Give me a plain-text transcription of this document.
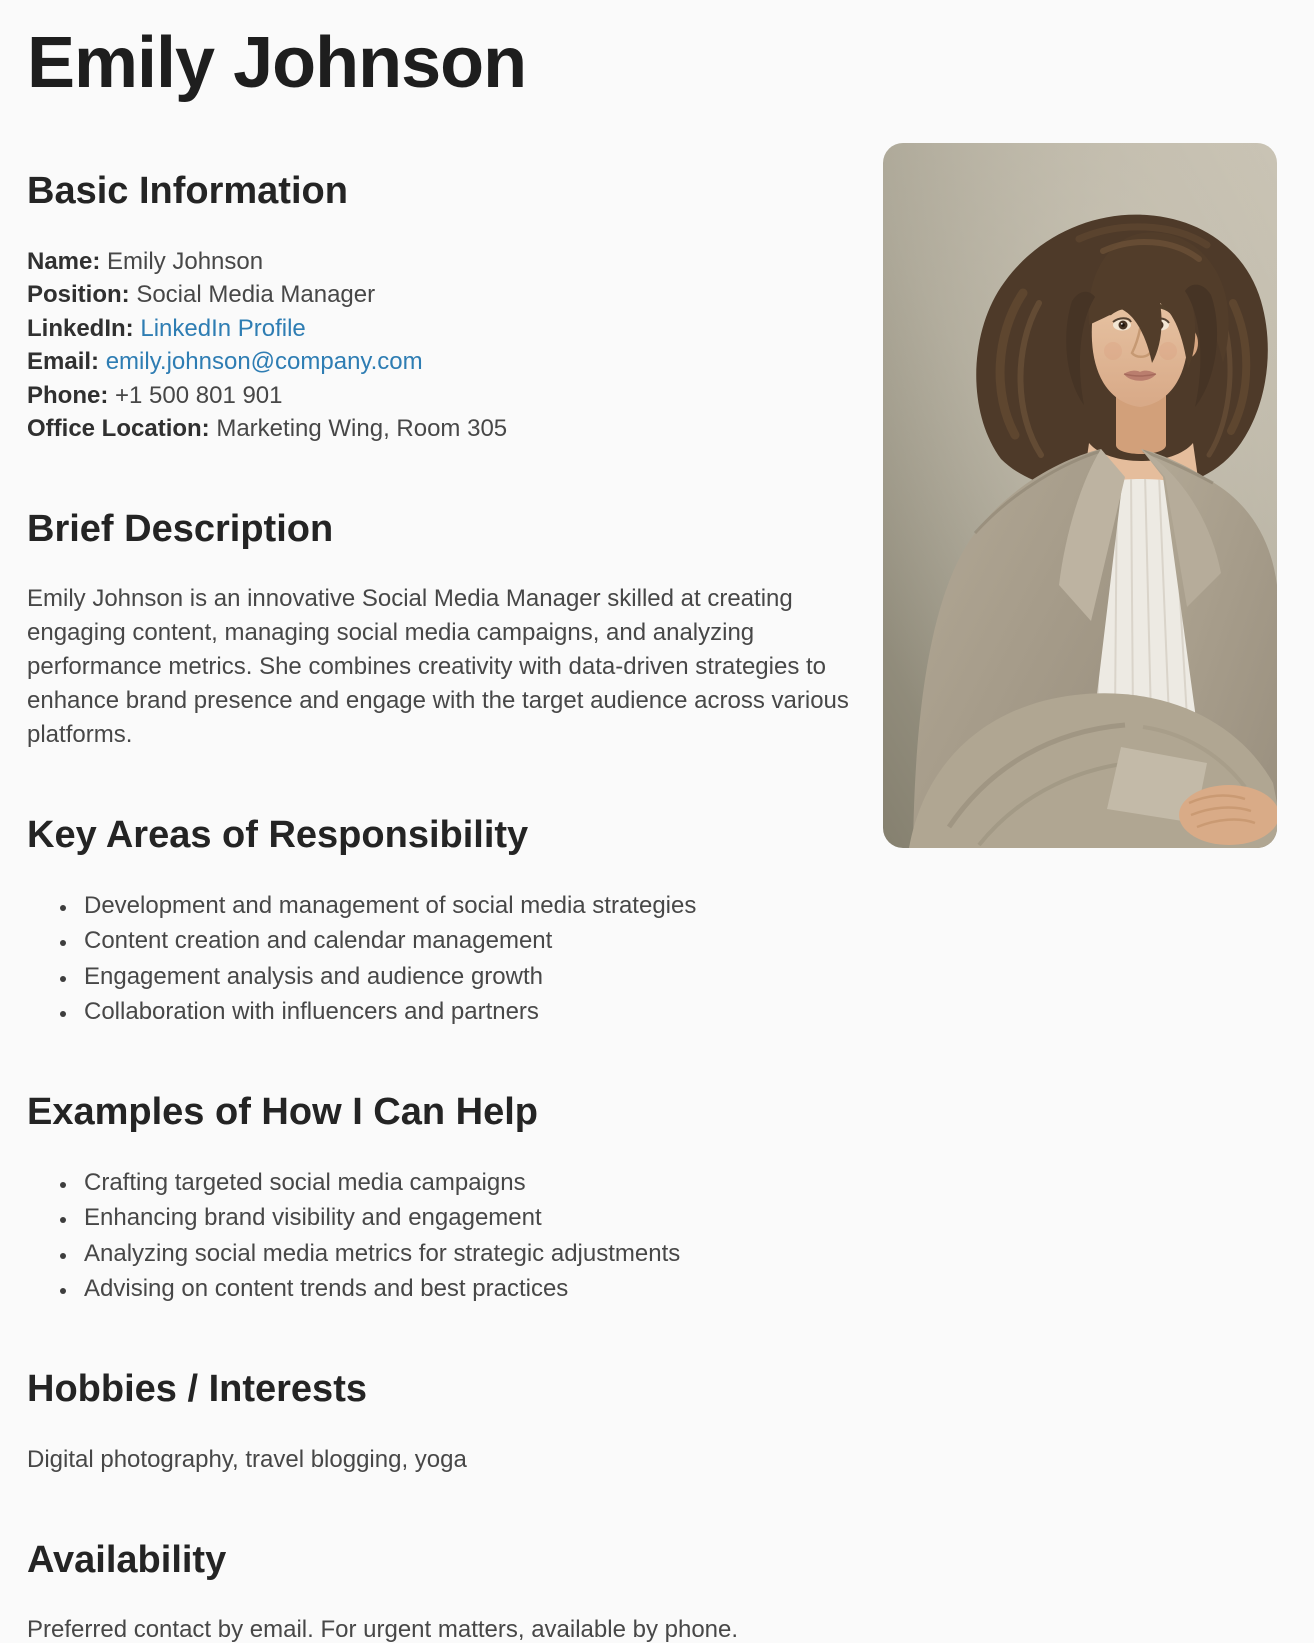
Emily Johnson
Basic Information

Name: Emily Johnson

Position: Social Media Manager

LinkedIn: LinkedIn Profile

Email: emily.johnson@company.com

Phone: +1 500 801 901

Office Location: Marketing Wing, Room 305

Brief Description

Emily Johnson is an innovative Social Media Manager skilled at creating engaging content, managing social media campaigns, and analyzing performance metrics. She combines creativity with data-driven strategies to enhance brand presence and engage with the target audience across various platforms.

Key Areas of Responsibility
• Development and management of social media strategies
• Content creation and calendar management
• Engagement analysis and audience growth
• Collaboration with influencers and partners
Examples of How I Can Help
• Crafting targeted social media campaigns
• Enhancing brand visibility and engagement
• Analyzing social media metrics for strategic adjustments
• Advising on content trends and best practices
Hobbies / Interests

Digital photography, travel blogging, yoga

Availability

Preferred contact by email. For urgent matters, available by phone.
